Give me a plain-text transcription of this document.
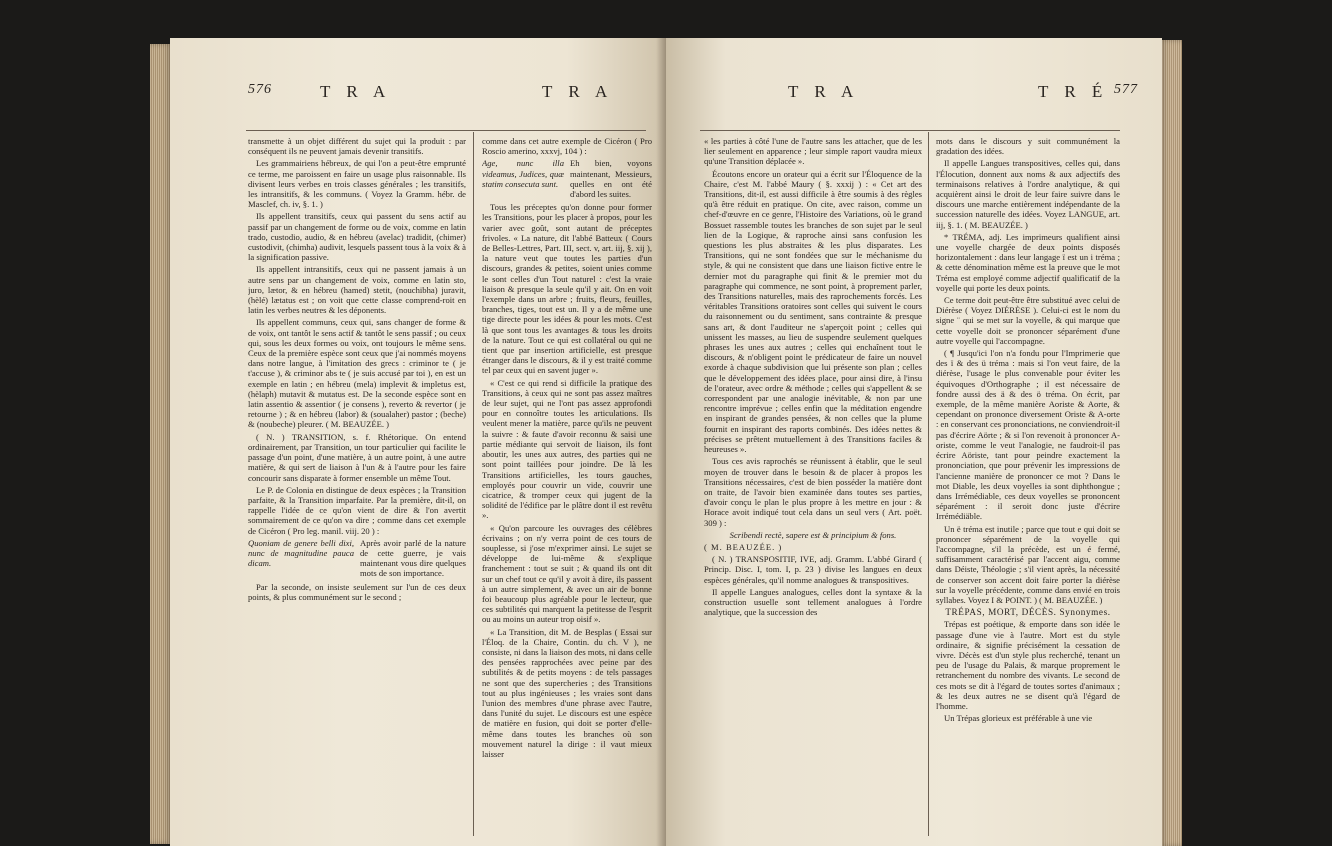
576	T R A	T R A

transmette à un objet différent du sujet qui la produit : par conséquent ils ne peuvent jamais devenir transitifs.

Les grammairiens hébreux, de qui l'on a peut-être emprunté ce terme, me paroissent en faire un usage plus raisonnable. Ils divisent leurs verbes en trois classes générales ; les transitifs, les intransitifs, & les communs. ( Voyez la Gramm. hébr. de Masclef, ch. iv, §. 1. )

Ils appellent transitifs, ceux qui passent du sens actif au passif par un changement de forme ou de voix, comme en latin trado, custodio, audio, & en hébreu (avelac) tradidit, (chimer) custodivit, (chimha) audivit, lesquels passent tous à la voix & à la signification passive.

Ils appellent intransitifs, ceux qui ne passent jamais à un autre sens par un changement de voix, comme en latin sto, juro, lætor, & en hébreu (hamed) stetit, (nouchibha) juravit, (hèlé) lætatus est ; on voit que cette classe comprend-roit en latin les verbes neutres & les déponents.

Ils appellent communs, ceux qui, sans changer de forme & de voix, ont tantôt le sens actif & tantôt le sens passif ; ou ceux qui, sous les deux formes ou voix, ont toujours le même sens. Ceux de la première espèce sont ceux que j'ai nommés moyens dans notre langue, à l'imitation des grecs : criminor te ( je t'accuse ), & criminor abs te ( je suis accusé par toi ), en est un exemple en latin ; en hébreu (mela) implevit & impletus est, (hèlaph) mutavit & mutatus est. De la seconde espèce sont en latin assentio & assentior ( je consens ), reverto & revertor ( je retourne ) ; & en hébreu (labor) & (soualaher) pastor ; (beche) & (noubeche) pleurer. ( M. BEAUZÉE. )

( N. ) TRANSITION, s. f. Rhétorique. On entend ordinairement, par Transition, un tour particulier qui facilite le passage d'un point, d'une matière, à un autre point, à une autre matière, & qui sert de liaison à l'un & à l'autre pour les faire concourir sans disparate à former ensemble un même Tout.

Le P. de Colonia en distingue de deux espèces ; la Transition parfaite, & la Transition imparfaite. Par la première, dit-il, on rappelle l'idée de ce qu'on vient de dire & l'on avertit sommairement de ce qu'on va dire ; comme dans cet exemple de Cicéron ( Pro leg. manil. viij. 20 ) :

Quoniam de genere belli dixi, nunc de magnitudine pauca dicam.
Après avoir parlé de la nature de cette guerre, je vais maintenant vous dire quelques mots de son importance.

Par la seconde, on insiste seulement sur l'un de ces deux points, & plus communément sur le second ;

comme dans cet autre exemple de Cicéron ( Pro Roscio amerino, xxxvj, 104 ) :

Age, nunc illa videamus, Judices, quæ statim consecuta sunt.
Eh bien, voyons maintenant, Messieurs, quelles en ont été d'abord les suites.

Tous les préceptes qu'on donne pour former les Transitions, pour les placer à propos, pour les varier avec goût, sont autant de préceptes frivoles. « La nature, dit l'abbé Batteux ( Cours de Belles-Lettres, Part. III, sect. v, art. iij, §. xij ), la nature veut que toutes les parties d'un discours, grandes & petites, soient unies comme le sont celles d'un Tout naturel : c'est la vraie liaison & presque la seule qu'il y ait. On en voit l'exemple dans un arbre ; fruits, fleurs, feuilles, branches, tiges, tout est un. Il y a de même une tige directe pour les idées & pour les mots. C'est là que sont tous les avantages & tous les droits de la nature. Tout ce qui est collatéral ou qui ne tient que par insertion artificielle, est presque étranger dans le discours, & il y est traité comme tel par ceux qui en savent juger ».

« C'est ce qui rend si difficile la pratique des Transitions, à ceux qui ne sont pas assez maîtres de leur sujet, qui ne l'ont pas assez approfondi pour en connoître toutes les articulations. Ils veulent mener la matière, parce qu'ils ne peuvent la suivre : & faute d'avoir reconnu & saisi une partie médiante qui servoit de liaison, ils font aboutir, les unes aux autres, des parties qui ne sont point taillées pour joindre. De là les Transitions artificielles, les tours gauches, employés pour couvrir un vide, couvrir une cicatrice, & tromper ceux qui jugent de la solidité de l'édifice par le plâtre dont il est revêtu ».

« Qu'on parcoure les ouvrages des célèbres écrivains ; on n'y verra point de ces tours de souplesse, si j'ose m'exprimer ainsi. Le sujet se développe de lui-même & s'explique franchement : tout se suit ; & quand ils ont dit sur un chef tout ce qu'il y avoit à dire, ils passent à un autre simplement, & avec un air de bonne foi beaucoup plus agréable pour le lecteur, que ces subtilités qui marquent la petitesse de l'esprit ou au moins un auteur trop oisif ».

« La Transition, dit M. de Besplas ( Essai sur l'Éloq. de la Chaire, Contin. du ch. V ), ne consiste, ni dans la liaison des mots, ni dans celle des pensées rapprochées avec peine par des subtilités & de petits moyens : de tels passages ne sont que des supercheries ; des Transitions tout au plus ingénieuses ; les vraies sont dans l'union des membres d'une phrase avec l'autre, dans l'unité du sujet. Le discours est une espèce de matière en fusion, qui doit se porter d'elle-même dans toutes les branches où son mouvement naturel la dirige : il vaut mieux laisser

T R A	T R É 577

« les parties à côté l'une de l'autre sans les attacher, que de les lier seulement en apparence ; leur simple raport vaudra mieux qu'une Transition déplacée ».

Écoutons encore un orateur qui a écrit sur l'Éloquence de la Chaire, c'est M. l'abbé Maury ( §. xxxij ) : « Cet art des Transitions, dit-il, est aussi difficile à être soumis à des règles qu'à être réduit en pratique. On cite, avec raison, comme un chef-d'œuvre en ce genre, l'Histoire des Variations, où le grand Bossuet rassemble toutes les branches de son sujet par le seul lien de la Logique, & raproche ainsi sans confusion les questions les plus abstraites & les plus disparates. Les Transitions, qui ne sont fondées que sur le méchanisme du style, & qui ne consistent que dans une liaison fictive entre le dernier mot du paragraphe qui finit & le premier mot du paragraphe qui commence, ne sont point, à proprement parler, des Transitions naturelles, mais des raprochements forcés. Les véritables Transitions oratoires sont celles qui suivent le cours du raisonnement ou du sentiment, sans contrainte & presque sans art, & dont l'auditeur ne s'aperçoit point ; celles qui unissent les masses, au lieu de suspendre seulement quelques phrases les unes aux autres ; celles qui enchaînent tout le discours, & n'obligent point le prédicateur de faire un nouvel exorde à chaque subdivision que lui présente son plan ; celles que le développement des idées place, pour ainsi dire, à l'insu de l'orateur, avec ordre & méthode ; celles qui s'appellent & se correspondent par une analogie inévitable, & non par une rencontre imprévue ; celles enfin que la méditation engendre en inspirant de grandes pensées, & non celles que la plume fournit en inspirant des raports combinés. Des idées nettes & précises se prêtent mutuellement à des Transitions faciles & heureuses ».

Tous ces avis raprochés se réunissent à établir, que le seul moyen de trouver dans le besoin & de placer à propos les Transitions nécessaires, c'est de bien posséder la matière dont on traite, de l'avoir bien examinée dans toutes ses parties, d'avoir conçu le plan le plus propre à les mettre en jour : & Horace avoit indiqué tout cela dans un seul vers ( Art. poët. 309 ) :

Scribendi rectè, sapere est & principium & fons.

( M. BEAUZÉE. )

( N. ) TRANSPOSITIF, IVE, adj. Gramm. L'abbé Girard ( Princip. Disc. I, tom. I, p. 23 ) divise les langues en deux espèces générales, qu'il nomme analogues & transpositives.

Il appelle Langues analogues, celles dont la syntaxe & la construction usuelle sont tellement analogues à l'ordre analytique, que la succession des

mots dans le discours y suit communément la gradation des idées.

Il appelle Langues transpositives, celles qui, dans l'Élocution, donnent aux noms & aux adjectifs des terminaisons relatives à l'ordre analytique, & qui acquièrent ainsi le droit de leur faire suivre dans le discours une marche entièrement indépendante de la succession naturelle des idées. Voyez LANGUE, art. iij, §. 1. ( M. BEAUZÉE. )

* TRÉMA, adj. Les imprimeurs qualifient ainsi une voyelle chargée de deux points disposés horizontalement : dans leur langage ï est un i tréma ; & cette dénomination même est la preuve que le mot Tréma est employé comme adjectif qualificatif de la voyelle qui porte les deux points.

Ce terme doit peut-être être substitué avec celui de Diérèse ( Voyez DIÉRÈSE ). Celui-ci est le nom du signe ¨ qui se met sur la voyelle, & qui marque que cette voyelle doit se prononcer séparément d'une autre voyelle qui l'accompagne.

( ¶ Jusqu'ici l'on n'a fondu pour l'Imprimerie que des ï & des ü tréma : mais si l'on veut faire, de la diérèse, l'usage le plus convenable pour éviter les équivoques d'Orthographe ; il est nécessaire de fondre aussi des ä & des ö tréma. On écrit, par exemple, de la même manière Aoriste & Aorte, & cependant on prononce diversement Oriste & A-orte : en conservant ces prononciations, ne conviendroit-il pas d'écrire Aörte ; & si l'on revenoit à prononcer A-oriste, comme le veut l'analogie, ne faudroit-il pas écrire Aöriste, tant pour peindre exactement la prononciation, que pour prévenir les impressions de l'ancienne manière de prononcer ce mot ? Dans le mot Diable, les deux voyelles ia sont diphthongue ; dans Irrémédiable, ces deux voyelles se prononcent séparément : il seroit donc juste d'écrire Irrémédiäble.

Un ë tréma est inutile ; parce que tout e qui doit se prononcer séparément de la voyelle qui l'accompagne, s'il la précède, est un é fermé, suffisamment caractérisé par l'accent aigu, comme dans Déiste, Théologie ; s'il vient après, la nécessité de conserver son accent doit faire porter la diérèse sur la voyelle précédente, comme dans envié en trois syllabes. Voyez I & POINT. ) ( M. BEAUZÉE. )

TRÉPAS, MORT, DÉCÈS. Synonymes.

Trépas est poétique, & emporte dans son idée le passage d'une vie à l'autre. Mort est du style ordinaire, & signifie précisément la cessation de vivre. Décès est d'un style plus recherché, tenant un peu de l'usage du Palais, & marque proprement le retranchement du nombre des vivants. Le second de ces mots se dit à l'égard de toutes sortes d'animaux ; & les deux autres ne se disent qu'à l'égard de l'homme.

Un Trépas glorieux est préférable à une vie
